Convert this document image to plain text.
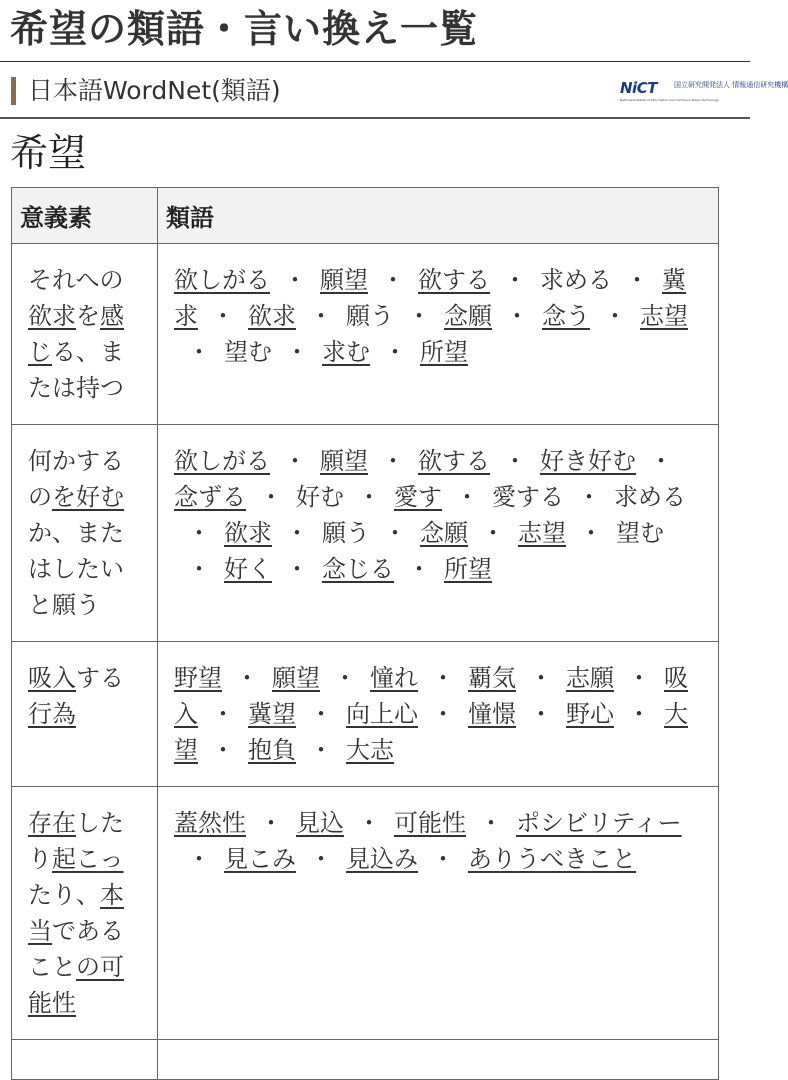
希望の類語・言い換え一覧
日本語WordNet(類語)	NiCT 国立研究開発法人 情報通信研究機構
National Institute of Information and Communications Technology
希望
意義素	類語
それへの欲求を感じる、または持つ	欲しがる ・ 願望 ・ 欲する ・ 求める ・ 冀求 ・ 欲求 ・ 願う ・ 念願 ・ 念う ・ 志望・ 望む ・ 求む ・ 所望
何かするのを好むか、またはしたいと願う	欲しがる ・ 願望 ・ 欲する ・ 好き好む ・念ずる ・ 好む ・ 愛す ・ 愛する ・ 求める・ 欲求 ・ 願う ・ 念願 ・ 志望 ・ 望む・ 好く ・ 念じる ・ 所望
吸入する行為	野望 ・ 願望 ・ 憧れ ・ 覇気 ・ 志願 ・ 吸入 ・ 冀望 ・ 向上心 ・ 憧憬 ・ 野心 ・ 大望 ・ 抱負 ・ 大志
存在したり起こったり、本当であることの可能性	蓋然性 ・ 見込 ・ 可能性 ・ ポシビリティー・ 見こみ ・ 見込み ・ ありうべきこと
